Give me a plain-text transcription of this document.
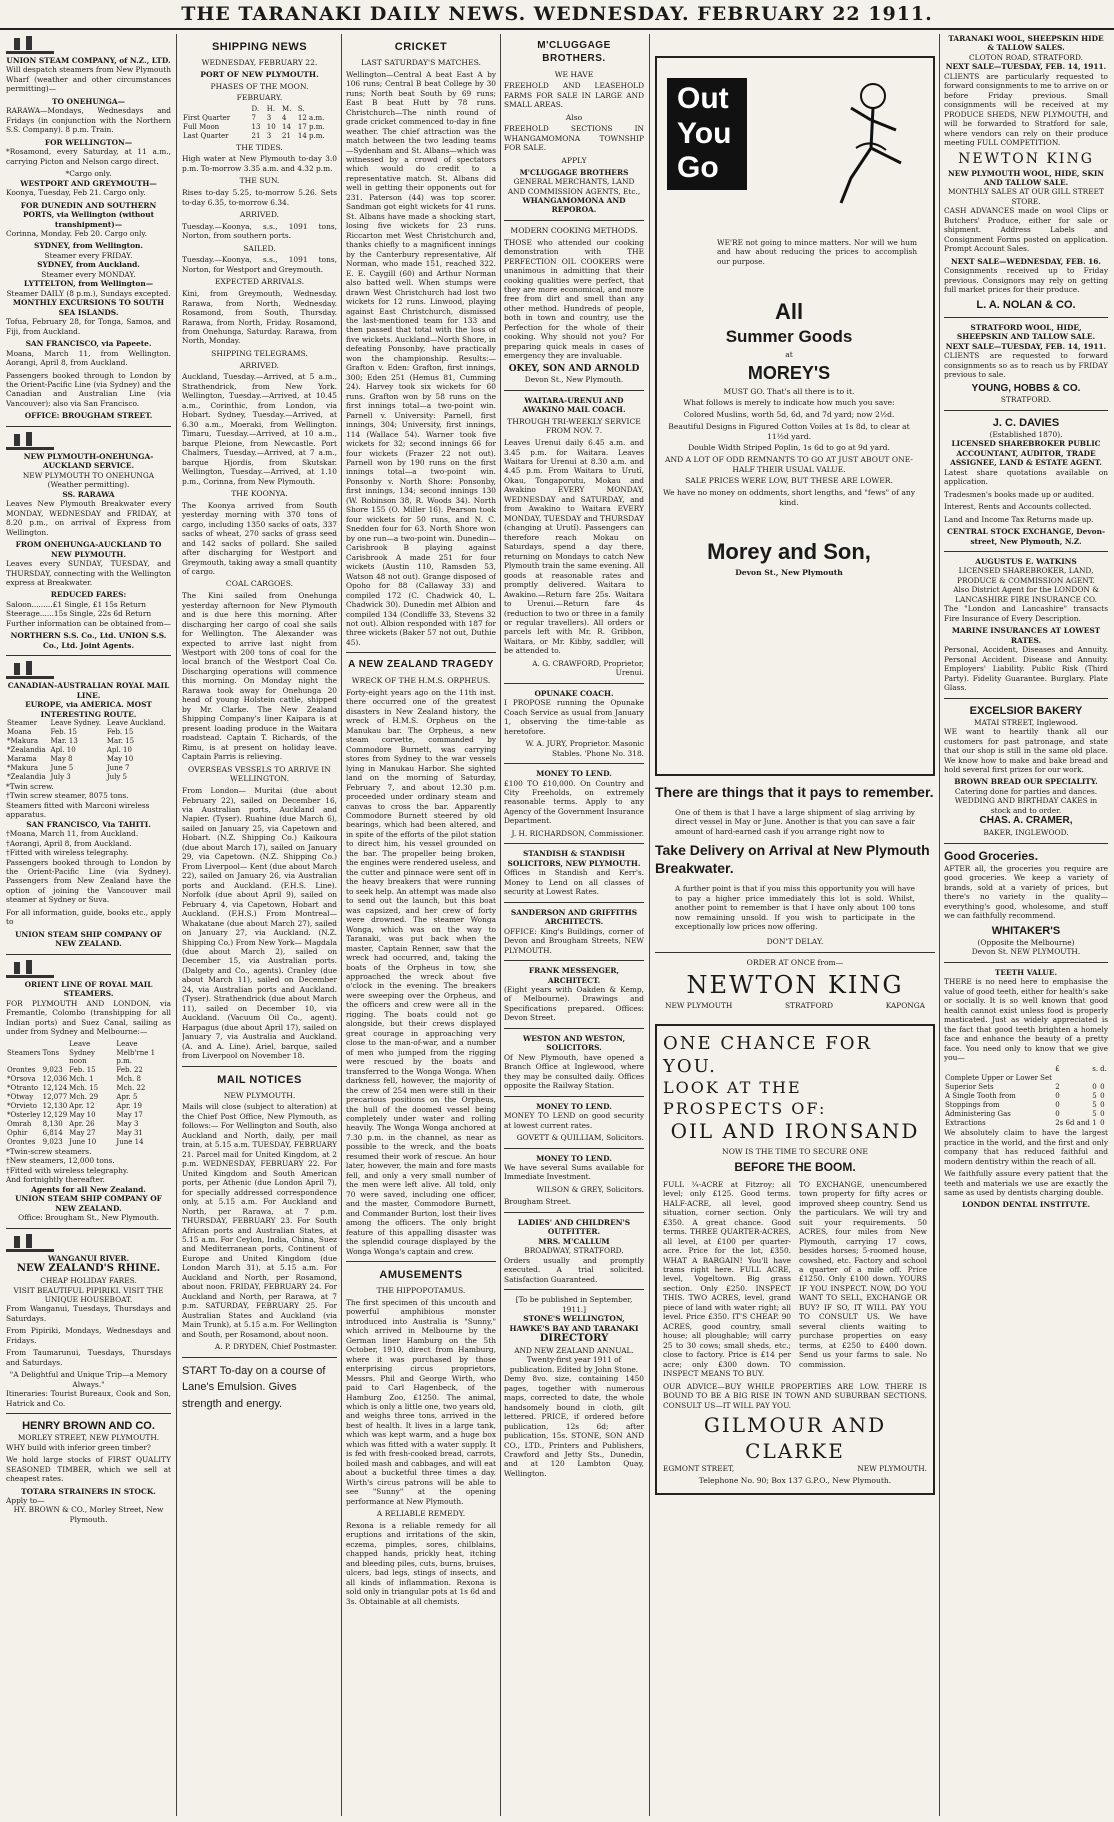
THE TARANAKI DAILY NEWS. WEDNESDAY. FEBRUARY 22 1911.
UNION STEAM COMPANY, of N.Z., LTD.
Will despatch steamers from New Plymouth Wharf (weather and other circumstances permitting)—
TO ONEHUNGA—
RARAWA—Mondays, Wednesdays and Fridays (in conjunction with the Northern S.S. Company). 8 p.m. Train.
FOR WELLINGTON—
*Rosamond, every Saturday, at 11 a.m., carrying Picton and Nelson cargo direct.
*Cargo only.
WESTPORT AND GREYMOUTH—
Koonya, Tuesday, Feb 21. Cargo only.
FOR DUNEDIN AND SOUTHERN PORTS, via Wellington (without transhipment)—
Corinna, Monday. Feb 20. Cargo only.
SYDNEY, from Wellington.
Steamer every FRIDAY.
SYDNEY, from Auckland.
Steamer every MONDAY.
LYTTELTON, from Wellington—
Steamer DAILY (8 p.m.), Sundays excepted.
MONTHLY EXCURSIONS TO SOUTH SEA ISLANDS.
Tofua, February 28, for Tonga, Samoa, and Fiji, from Auckland.
SAN FRANCISCO, via Papeete.
Moana, March 11, from Wellington. Aorangi, April 8, from Auckland.
Passengers booked through to London by the Orient-Pacific Line (via Sydney) and the Canadian and Australian Line (via Vancouver); also via San Francisco.
OFFICE: BROUGHAM STREET.
NEW PLYMOUTH-ONEHUNGA-AUCKLAND SERVICE.
NEW PLYMOUTH TO ONEHUNGA (Weather permitting).
SS. RARAWA
Leaves New Plymouth Breakwater every MONDAY, WEDNESDAY and FRIDAY, at 8.20 p.m., on arrival of Express from Wellington.
FROM ONEHUNGA-AUCKLAND TO NEW PLYMOUTH.
Leaves every SUNDAY, TUESDAY, and THURSDAY, connecting with the Wellington express at Breakwater.
REDUCED FARES:
Saloon.........£1 Single, £1 15s Return
Steerage......15s Single, 22s 6d Return
Further information can be obtained from—
NORTHERN S.S. Co., Ltd. UNION S.S. Co., Ltd. Joint Agents.
CANADIAN-AUSTRALIAN ROYAL MAIL LINE.
EUROPE, via AMERICA. MOST INTERESTING ROUTE.
Steamer	Leave Sydney.	Leave Auckland.
Moana	Feb. 15	Feb. 15
*Makura	Mar. 13	Mar. 15
*Zealandia	Apl. 10	Apl. 10
Marama	May 8	May 10
*Makura	June 5	June 7
*Zealandia	July 3	July 5
*Twin screw.
†Twin screw steamer, 8075 tons.
Steamers fitted with Marconi wireless apparatus.
SAN FRANCISCO, Via TAHITI.
†Moana, March 11, from Auckland.
†Aorangi, April 8, from Auckland.
†Fitted with wireless telegraphy.
Passengers booked through to London by the Orient-Pacific Line (via Sydney). Passengers from New Zealand have the option of joining the Vancouver mail steamer at Sydney or Suva.
For all information, guide, books etc., apply to
UNION STEAM SHIP COMPANY OF NEW ZEALAND.
ORIENT LINE OF ROYAL MAIL STEAMERS.
FOR PLYMOUTH AND LONDON, via Fremantle, Colombo (transhipping for all Indian ports) and Suez Canal, sailing as under from Sydney and Melbourne:—
Steamers	Tons	Leave Sydney noon	Leave Melb'rne 1 p.m.
Orontes	9,023	Feb. 15	Feb. 22
*Orsova	12,036	Mch. 1	Mch. 8
*Otranto	12,124	Mch. 15	Mch. 22
*Otway	12,077	Mch. 29	Apr. 5
*Orvieto	12,130	Apr. 12	Apr. 19
*Osterley	12,129	May 10	May 17
Omrah	8,130	Apr. 26	May 3
Ophir	6,814	May 27	May 31
Orontes	9,023	June 10	June 14
*Twin-screw steamers.
†New steamers, 12,000 tons.
†Fitted with wireless telegraphy.
And fortnightly thereafter.
Agents for all New Zealand.
UNION STEAM SHIP COMPANY OF NEW ZEALAND.
Office: Brougham St., New Plymouth.
WANGANUI RIVER.
NEW ZEALAND'S RHINE.
CHEAP HOLIDAY FARES.
VISIT BEAUTIFUL PIPIRIKI. VISIT THE UNIQUE HOUSEBOAT.
From Wanganui, Tuesdays, Thursdays and Saturdays.
From Pipiriki, Mondays, Wednesdays and Fridays.
From Taumarunui, Tuesdays, Thursdays and Saturdays.
"A Delightful and Unique Trip—a Memory Always."
Itineraries: Tourist Bureaux, Cook and Son, Hatrick and Co.
HENRY BROWN AND CO.
MORLEY STREET, NEW PLYMOUTH.
WHY build with inferior green timber?
We hold large stocks of FIRST QUALITY SEASONED TIMBER, which we sell at cheapest rates.
TOTARA STRAINERS IN STOCK.
Apply to—
HY. BROWN & CO., Morley Street, New Plymouth.
SHIPPING NEWS
WEDNESDAY, FEBRUARY 22.
PORT OF NEW PLYMOUTH.
PHASES OF THE MOON.
FEBRUARY.
	D.	H.	M.	S.
First Quarter	7	3	4	12 a.m.
Full Moon	13	10	14	17 p.m.
Last Quarter	21	3	21	14 p.m.
THE TIDES.
High water at New Plymouth to-day 3.0 p.m. To-morrow 3.35 a.m. and 4.32 p.m.
THE SUN.
Rises to-day 5.25, to-morrow 5.26. Sets to-day 6.35, to-morrow 6.34.
ARRIVED.
Tuesday.—Koonya, s.s., 1091 tons, Norton, from southern ports.
SAILED.
Tuesday.—Koonya, s.s., 1091 tons, Norton, for Westport and Greymouth.
EXPECTED ARRIVALS.
Kini, from Greymouth, Wednesday. Rarawa, from North, Wednesday. Rosamond, from South, Thursday. Rarawa, from North, Friday. Rosamond, from Onehunga, Saturday. Rarawa, from North, Monday.
SHIPPING TELEGRAMS.
ARRIVED.
Auckland, Tuesday.—Arrived, at 5 a.m., Strathendrick, from New York. Wellington, Tuesday.—Arrived, at 10.45 a.m., Corinthic, from London, via Hobart. Sydney, Tuesday.—Arrived, at 6.30 a.m., Moeraki, from Wellington. Timaru, Tuesday.—Arrived, at 10 a.m., barque Pleione, from Newcastle. Port Chalmers, Tuesday.—Arrived, at 7 a.m., barque Hjordis, from Skutskar. Wellington, Tuesday.—Arrived, at 1.10 p.m., Corinna, from New Plymouth.
THE KOONYA.
The Koonya arrived from South yesterday morning with 370 tons of cargo, including 1350 sacks of oats, 337 sacks of wheat, 270 sacks of grass seed and 142 sacks of pollard. She sailed after discharging for Westport and Greymouth, taking away a small quantity of cargo.
COAL CARGOES.
The Kini sailed from Onehunga yesterday afternoon for New Plymouth and is due here this morning. After discharging her cargo of coal she sails for Wellington. The Alexander was expected to arrive last night from Westport with 200 tons of coal for the local branch of the Westport Coal Co. Discharging operations will commence this morning. On Monday night the Rarawa took away for Onehunga 20 head of young Holstein cattle, shipped by Mr. Clarke. The New Zealand Shipping Company's liner Kaipara is at present loading produce in the Waitara roadstead. Captain T. Richards, of the Rimu, is at present on holiday leave. Captain Parris is relieving.
OVERSEAS VESSELS TO ARRIVE IN WELLINGTON.
From London— Muritai (due about February 22), sailed on December 16, via Australian ports, Auckland and Napier. (Tyser). Ruahine (due March 6), sailed on January 25, via Capetown and Hobart. (N.Z. Shipping Co.) Kaikoura (due about March 17), sailed on January 29, via Capetown. (N.Z. Shipping Co.) From Liverpool— Kent (due about March 22), sailed on January 26, via Australian ports and Auckland. (F.H.S. Line). Norfolk (due about April 9), sailed on February 4, via Capetown, Hobart and Auckland. (F.H.S.) From Montreal— Whakatane (due about March 27), sailed on January 27, via Auckland. (N.Z. Shipping Co.) From New York— Magdala (due about March 2), sailed on December 15, via Australian ports. (Dalgety and Co., agents). Cranley (due about March 11), sailed on December 24, via Australian ports and Auckland. (Tyser). Strathendrick (due about March 11), sailed on December 10, via Auckland. (Vacuum Oil Co., agent). Harpagus (due about April 17), sailed on January 7, via Australia and Auckland. (A. and A. Line). Ariel, barque, sailed from Liverpool on November 18.
MAIL NOTICES
NEW PLYMOUTH.
Mails will close (subject to alteration) at the Chief Post Office, New Plymouth, as follows:— For Wellington and South, also Auckland and North, daily, per mail train, at 5.15 a.m. TUESDAY, FEBRUARY 21. Parcel mail for United Kingdom, at 2 p.m. WEDNESDAY, FEBRUARY 22. For United Kingdom and South American ports, per Athenic (due London April 7), for specially addressed correspondence only, at 5.15 a.m. For Auckland and North, per Rarawa, at 7 p.m. THURSDAY, FEBRUARY 23. For South African ports and Australian States, at 5.15 a.m. For Ceylon, India, China, Suez and Mediterranean ports, Continent of Europe and United Kingdom (due London March 31), at 5.15 a.m. For Auckland and North, per Rosamond, about noon. FRIDAY, FEBRUARY 24. For Auckland and North, per Rarawa, at 7 p.m. SATURDAY, FEBRUARY 25. For Australian States and Auckland (via Main Trunk), at 5.15 a.m. For Wellington and South, per Rosamond, about noon.
A. P. DRYDEN, Chief Postmaster.
START To-day on a course of Lane's Emulsion. Gives strength and energy.
CRICKET
LAST SATURDAY'S MATCHES.
Wellington—Central A beat East A by 106 runs; Central B beat College by 30 runs; North beat South by 69 runs; East B beat Hutt by 78 runs. Christchurch—The ninth round of grade cricket commenced to-day in fine weather. The chief attraction was the match between the two leading teams—Sydenham and St. Albans—which was witnessed by a crowd of spectators which would do credit to a representative match. St. Albans did well in getting their opponents out for 231. Paterson (44) was top scorer. Sandman got eight wickets for 41 runs. St. Albans have made a shocking start, losing five wickets for 23 runs. Riccarton met West Christchurch and, thanks chiefly to a magnificent innings by the Canterbury representative, Alf Norman, who made 151, reached 322. E. E. Caygill (60) and Arthur Norman also batted well. When stumps were drawn West Christchurch had lost two wickets for 12 runs. Linwood, playing against East Christchurch, dismissed the last-mentioned team for 133 and then passed that total with the loss of five wickets. Auckland—North Shore, in defeating Ponsonby, have practically won the championship. Results:—Grafton v. Eden: Grafton, first innings, 300; Eden 251 (Hemus 81, Cumming 24). Harvey took six wickets for 60 runs. Grafton won by 58 runs on the first innings total—a two-point win. Parnell v. University: Parnell, first innings, 304; University, first innings, 114 (Wallace 54). Warner took five wickets for 32; second innings 66 for four wickets (Frazer 22 not out). Parnell won by 190 runs on the first innings total—a two-point win. Ponsonby v. North Shore: Ponsonby, first innings, 134; second innings 130 (W. Robinson 38, R. Woods 34). North Shore 155 (O. Miller 16). Pearson took four wickets for 50 runs, and N. C. Snedden four for 63. North Shore won by one run—a two-point win. Dunedin—Carisbrook B playing against Carisbrook A made 251 for four wickets (Austin 110, Ramsden 53, Watson 48 not out). Grange disposed of Opoho for 88 (Callaway 33) and compiled 172 (C. Chadwick 40, L. Chadwick 30). Dunedin met Albion and compiled 134 (Condliffe 33, Stevens 32 not out). Albion responded with 187 for three wickets (Baker 57 not out, Duthie 45).
A NEW ZEALAND TRAGEDY
WRECK OF THE H.M.S. ORPHEUS.
Forty-eight years ago on the 11th inst. there occurred one of the greatest disasters in New Zealand history, the wreck of H.M.S. Orpheus on the Manukau bar. The Orpheus, a new steam corvette, commanded by Commodore Burnett, was carrying stores from Sydney to the war vessels lying in Manukau Harbor. She sighted land on the morning of Saturday, February 7, and about 12.30 p.m. proceeded under ordinary steam and canvas to cross the bar. Apparently Commodore Burnett steered by old bearings, which had been altered, and in spite of the efforts of the pilot station to direct him, his vessel grounded on the bar. The propeller being broken, the engines were rendered useless, and the cutter and pinnace were sent off in the heavy breakers that were running to seek help. An attempt was made also to send out the launch, but this boat was capsized, and her crew of forty were drowned. The steamer Wonga Wonga, which was on the way to Taranaki, was put back when the master, Captain Renner, saw that the wreck had occurred, and, taking the boats of the Orpheus in tow, she approached the wreck about five o'clock in the evening. The breakers were sweeping over the Orpheus, and the officers and crew were all in the rigging. The boats could not go alongside, but their crews displayed great courage in approaching very close to the man-of-war, and a number of men who jumped from the rigging were rescued by the boats and transferred to the Wonga Wonga. When darkness fell, however, the majority of the crew of 254 men were still in their precarious positions on the Orpheus, the hull of the doomed vessel being completely under water and rolling heavily. The Wonga Wonga anchored at 7.30 p.m. in the channel, as near as possible to the wreck, and the boats resumed their work of rescue. An hour later, however, the main and fore masts fell, and only a very small number of the men were left alive. All told, only 70 were saved, including one officer, and the master, Commodore Burnett, and Commander Burton, lost their lives among the officers. The only bright feature of this appalling disaster was the splendid courage displayed by the Wonga Wonga's captain and crew.
AMUSEMENTS
THE HIPPOPOTAMUS.
The first specimen of this uncouth and powerful amphibious monster introduced into Australia is "Sunny," which arrived in Melbourne by the German liner Hamburg on the 5th October, 1910, direct from Hamburg, where it was purchased by those enterprising circus proprietors, Messrs. Phil and George Wirth, who paid to Carl Hagenbeck, of the Hamburg Zoo, £1250. The animal, which is only a little one, two years old, and weighs three tons, arrived in the best of health. It lives in a large tank, which was kept warm, and a huge box which was fitted with a water supply. It is fed with fresh-cooked bread, carrots, boiled mash and cabbages, and will eat about a bucketful three times a day. Wirth's circus patrons will be able to see "Sunny" at the opening performance at New Plymouth.
A RELIABLE REMEDY.
Rexona is a reliable remedy for all eruptions and irritations of the skin, eczema, pimples, sores, chilblains, chapped hands, prickly heat, itching and bleeding piles, cuts, burns, bruises, ulcers, bad legs, stings of insects, and all kinds of inflammation. Rexona is sold only in triangular pots at 1s 6d and 3s. Obtainable at all chemists.
M'CLUGGAGE BROTHERS.
WE HAVE
FREEHOLD AND LEASEHOLD FARMS FOR SALE IN LARGE AND SMALL AREAS.
Also
FREEHOLD SECTIONS IN WHANGAMOMONA TOWNSHIP FOR SALE.
APPLY
M'CLUGGAGE BROTHERS
GENERAL MERCHANTS, LAND AND COMMISSION AGENTS, Etc.,
WHANGAMOMONA AND REPOROA.
MODERN COOKING METHODS.
THOSE who attended our cooking demonstration with THE PERFECTION OIL COOKERS were unanimous in admitting that their cooking qualities were perfect, that they are more economical, and more free from dirt and smell than any other method. Hundreds of people, both in town and country, use the Perfection for the whole of their cooking. Why should not you? For preparing quick meals in cases of emergency they are invaluable.
OKEY, SON AND ARNOLD
Devon St., New Plymouth.
WAITARA-URENUI AND AWAKINO MAIL COACH.
THROUGH TRI-WEEKLY SERVICE FROM NOV. 7.
Leaves Urenui daily 6.45 a.m. and 3.45 p.m. for Waitara. Leaves Waitara for Urenui at 8.30 a.m. and 4.45 p.m. From Waitara to Urutî, Okau, Tongaporutu, Mokau and Awakino EVERY MONDAY, WEDNESDAY and SATURDAY, and from Awakino to Waitara EVERY MONDAY, TUESDAY and THURSDAY (changing at Urutî). Passengers can therefore reach Mokau on Saturdays, spend a day there, returning on Mondays to catch New Plymouth train the same evening. All goods at reasonable rates and promptly delivered. Waitara to Awakino.—Return fare 25s. Waitara to Urenui.—Return fare 4s (reduction to two or three in a family or regular travellers). All orders or parcels left with Mr. R. Gribbon, Waitara, or Mr. Kibby, saddler, will be attended to.
A. G. CRAWFORD, Proprietor, Urenui.
OPUNAKE COACH.
I PROPOSE running the Opunake Coach Service as usual from January 1, observing the time-table as heretofore.
W. A. JURY, Proprietor. Masonic Stables. 'Phone No. 318.
MONEY TO LEND.
£100 TO £10,000. On Country and City Freeholds, on extremely reasonable terms. Apply to any Agency of the Government Insurance Department.
J. H. RICHARDSON, Commissioner.
STANDISH & STANDISH SOLICITORS, NEW PLYMOUTH.
Offices in Standish and Kerr's. Money to Lend on all classes of security at Lowest Rates.
SANDERSON AND GRIFFITHS ARCHITECTS.
OFFICE: King's Buildings, corner of Devon and Brougham Streets, NEW PLYMOUTH.
FRANK MESSENGER, ARCHITECT.
(Eight years with Oakden & Kemp, of Melbourne). Drawings and Specifications prepared. Offices: Devon Street.
WESTON AND WESTON, SOLICITORS.
Of New Plymouth, have opened a Branch Office at Inglewood, where they may be consulted daily. Offices opposite the Railway Station.
MONEY TO LEND.
MONEY TO LEND on good security at lowest current rates.
GOVETT & QUILLIAM, Solicitors.
MONEY TO LEND.
We have several Sums available for Immediate Investment.
WILSON & GREY, Solicitors.
Brougham Street.
LADIES' AND CHILDREN'S OUTFITTER.
MRS. M'CALLUM
BROADWAY, STRATFORD.
Orders usually and promptly executed. A trial solicited. Satisfaction Guaranteed.
[To be published in September, 1911.]
STONE'S WELLINGTON, HAWKE'S BAY AND TARANAKI
DIRECTORY
AND NEW ZEALAND ANNUAL. Twenty-first year 1911 of publication. Edited by John Stone.
Demy 8vo. size, containing 1450 pages, together with numerous maps, corrected to date, the whole handsomely bound in cloth, gilt lettered. PRICE, if ordered before publication, 12s 6d; after publication, 15s. STONE, SON AND CO., LTD., Printers and Publishers, Crawford and Jetty Sts., Dunedin, and at 120 Lambton Quay, Wellington.
Out
You
Go
WE'RE not going to mince matters. Nor will we hum and haw about reducing the prices to accomplish our purpose.
All
Summer Goods
at
MOREY'S
MUST GO. That's all there is to it.
What follows is merely to indicate how much you save:
Colored Muslins, worth 5d, 6d, and 7d yard; now 2½d.
Beautiful Designs in Figured Cotton Voiles at 1s 8d, to clear at 11½d yard.
Double Width Striped Poplin, 1s 6d to go at 9d yard.
AND A LOT OF ODD REMNANTS TO GO AT JUST ABOUT ONE-HALF THEIR USUAL VALUE.
SALE PRICES WERE LOW, BUT THESE ARE LOWER.
We have no money on oddments, short lengths, and "fews" of any kind.
Morey and Son,
Devon St., New Plymouth
There are things that it pays to remember.
One of them is that I have a large shipment of slag arriving by direct vessel in May or June. Another is that you can save a fair amount of hard-earned cash if you arrange right now to
Take Delivery on Arrival at New Plymouth Breakwater.
A further point is that if you miss this opportunity you will have to pay a higher price immediately this lot is sold. Whilst, another point to remember is that I have only about 100 tons now remaining unsold. If you wish to participate in the exceptionally low prices now offering.
DON'T DELAY.
ORDER AT ONCE from—
NEWTON KING
NEW PLYMOUTH	STRATFORD	KAPONGA
ONE CHANCE FOR YOU.
LOOK AT THE PROSPECTS OF:
OIL AND IRONSAND
NOW IS THE TIME TO SECURE ONE
BEFORE THE BOOM.
FULL ¼-ACRE at Fitzroy; all level; only £125. Good terms. HALF-ACRE, all level, good situation, corner section. Only £350. A great chance. Good terms. THREE QUARTER-ACRES, all level, at £100 per quarter-acre. Price for the lot, £350. WHAT A BARGAIN! You'll have trams right here. FULL ACRE, level, Vogeltown. Big grass section. Only £250. INSPECT THIS. TWO ACRES, level, grand piece of land with water right; all level. Price £350. IT'S CHEAP. 90 ACRES, good country, small house; all ploughable; will carry 25 to 30 cows; small sheds, etc.; close to factory. Price is £14 per acre; only £300 down. TO INSPECT MEANS TO BUY.
TO EXCHANGE, unencumbered town property for fifty acres or improved sheep country. Send us the particulars. We will try and suit your requirements. 50 ACRES, four miles from New Plymouth, carrying 17 cows, besides horses; 5-roomed house, cowshed, etc. Factory and school a quarter of a mile off. Price £1250. Only £100 down. YOURS IF YOU INSPECT. NOW, DO YOU WANT TO SELL, EXCHANGE OR BUY? IF SO, IT WILL PAY YOU TO CONSULT US. We have several clients waiting to purchase properties on easy terms, at £250 to £400 down. Send us your farms to sale. No commission.
OUR ADVICE—BUY WHILE PROPERTIES ARE LOW. THERE IS BOUND TO BE A BIG RISE IN TOWN AND SUBURBAN SECTIONS. CONSULT US—IT WILL PAY YOU.
GILMOUR AND CLARKE
EGMONT STREET,	NEW PLYMOUTH.
Telephone No. 90; Box 137 G.P.O., New Plymouth.
TARANAKI WOOL, SHEEPSKIN HIDE & TALLOW SALES.
CLOTON ROAD, STRATFORD.
NEXT SALE—TUESDAY, FEB. 14, 1911.
CLIENTS are particularly requested to forward consignments to me to arrive on or before Friday previous. Small consignments will be received at my PRODUCE SHEDS, NEW PLYMOUTH, and will be forwarded to Stratford for sale, where vendors can rely on their produce meeting FULL COMPETITION.
NEWTON KING
NEW PLYMOUTH WOOL, HIDE, SKIN AND TALLOW SALE.
MONTHLY SALES AT OUR GILL STREET STORE.
CASH ADVANCES made on wool Clips or Butchers' Produce, either for sale or shipment. Address Labels and Consignment Forms posted on application. Prompt Account Sales.
NEXT SALE—WEDNESDAY, FEB. 16.
Consignments received up to Friday previous. Consignors may rely on getting full market prices for their produce.
L. A. NOLAN & CO.
STRATFORD WOOL, HIDE, SHEEPSKIN AND TALLOW SALE.
NEXT SALE—TUESDAY, FEB. 14, 1911.
CLIENTS are requested to forward consignments so as to reach us by FRIDAY previous to sale.
YOUNG, HOBBS & CO.
STRATFORD.
J. C. DAVIES
(Established 1870).
LICENSED SHAREBROKER PUBLIC ACCOUNTANT, AUDITOR, TRADE ASSIGNEE, LAND & ESTATE AGENT.
Latest share quotations available on application.
Tradesmen's books made up or audited.
Interest, Rents and Accounts collected.
Land and Income Tax Returns made up.
CENTRAL STOCK EXCHANGE, Devon-street, New Plymouth, N.Z.
AUGUSTUS E. WATKINS
LICENSED SHAREBROKER, LAND, PRODUCE & COMMISSION AGENT.
Also District Agent for the LONDON & LANCASHIRE FIRE INSURANCE CO.
The "London and Lancashire" transacts Fire Insurance of Every Description.
MARINE INSURANCES AT LOWEST RATES.
Personal, Accident, Diseases and Annuity. Personal Accident. Disease and Annuity. Employers' Liability. Public Risk (Third Party). Fidelity Guarantee. Burglary. Plate Glass.
EXCELSIOR BAKERY
MATAI STREET, Inglewood.
WE want to heartily thank all our customers for past patronage, and state that our shop is still in the same old place. We know how to make and bake bread and hold several first prizes for our work.
BROWN BREAD OUR SPECIALITY.
Catering done for parties and dances.
WEDDING AND BIRTHDAY CAKES in stock and to order.
CHAS. A. CRAMER,
BAKER, INGLEWOOD.
Good Groceries.
AFTER all, the groceries you require are good groceries. We keep a variety of brands, sold at a variety of prices, but there's no variety in the quality—everything's good, wholesome, and stuff we can faithfully recommend.
WHITAKER'S
(Opposite the Melbourne)
Devon St. NEW PLYMOUTH.
TEETH VALUE.
THERE is no need here to emphasise the value of good teeth, either for health's sake or socially. It is so well known that good health cannot exist unless food is properly masticated. Just as widely appreciated is the fact that good teeth brighten a homely face and enhance the beauty of a pretty face. You need only to know that we give you—
	£	s.	d.
Complete Upper or Lower Set			
Superior Sets	2	0	0
A Single Tooth from	0	5	0
Stoppings from	0	5	0
Administering Gas	0	5	0
Extractions	2s 6d and	1	0
We absolutely claim to have the largest practice in the world, and the first and only company that has reduced faithful and modern dentistry within the reach of all.
We faithfully assure every patient that the teeth and materials we use are exactly the same as used by dentists charging double.
LONDON DENTAL INSTITUTE.
